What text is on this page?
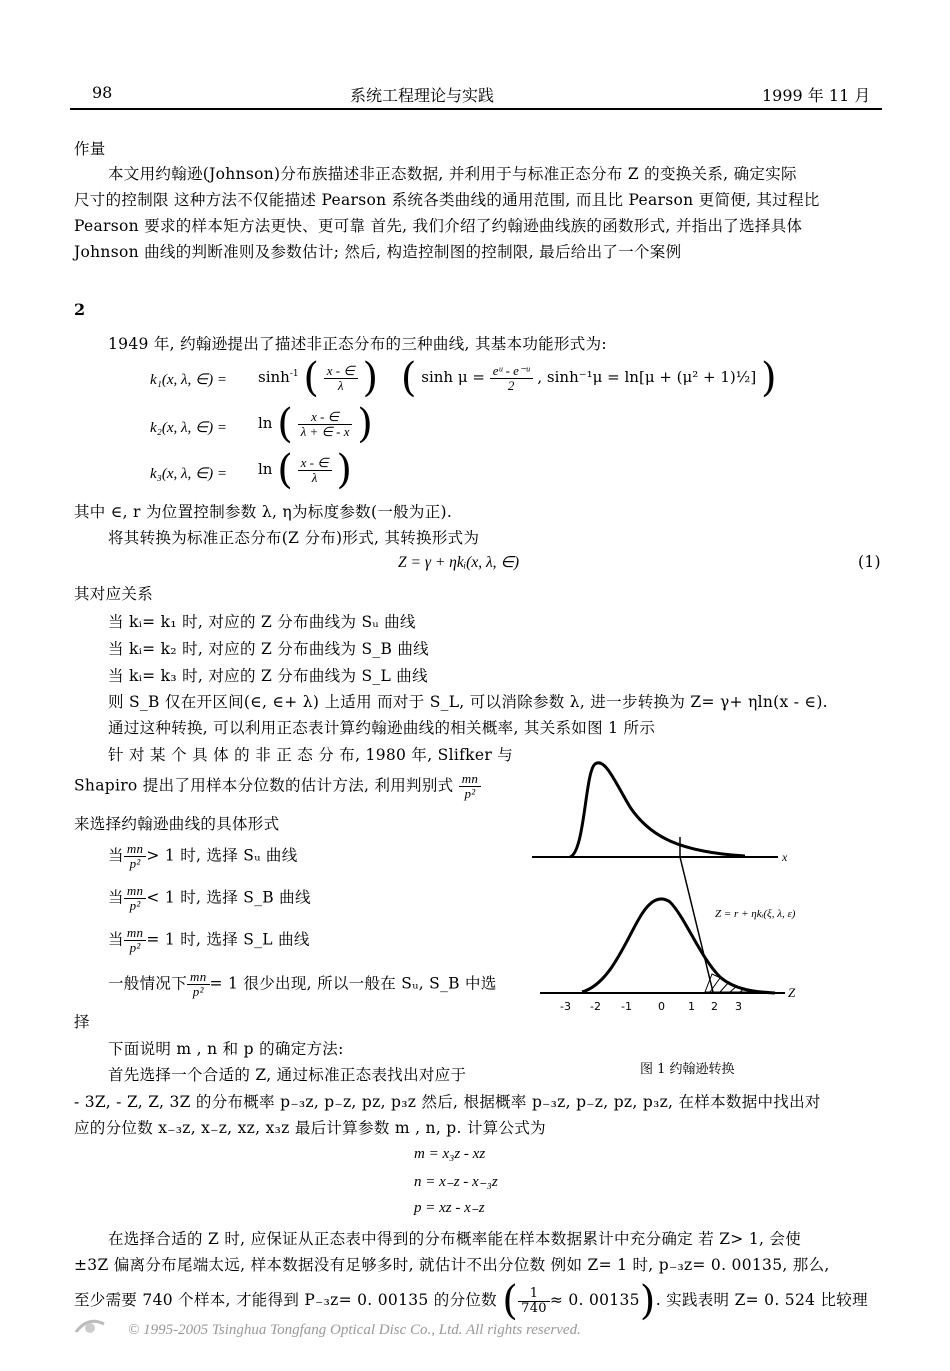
98	系统工程理论与实践	1999 年 11 月
作量
本文用约翰逊(Johnson)分布族描述非正态数据, 并利用于与标准正态分布 Z 的变换关系, 确定实际
尺寸的控制限 这种方法不仅能描述 Pearson 系统各类曲线的通用范围, 而且比 Pearson 更简便, 其过程比
Pearson 要求的样本矩方法更快、更可靠 首先, 我们介绍了约翰逊曲线族的函数形式, 并指出了选择具体
Johnson 曲线的判断准则及参数估计; 然后, 构造控制图的控制限, 最后给出了一个案例
2
1949 年, 约翰逊提出了描述非正态分布的三种曲线, 其基本功能形式为:
k₁(x, λ, ∈) = $\sinh^{-1}$ ( $\frac{x - \in}{\lambda}$ ) ( $\sinh \mu = \frac{\text{eᵘ - e⁻ᵘ}}{2}$ , sinh⁻¹μ = ln[μ + (μ² + 1)½] )
k₂(x, λ, ∈) = ln ( $\frac{x - \in}{\lambda + \in - x}$ )
k₃(x, λ, ∈) = ln ( $\frac{x - \in}{\lambda}$ )
其中 ∈, r 为位置控制参数 λ, η为标度参数(一般为正).
将其转换为标准正态分布(Z 分布)形式, 其转换形式为
Z = γ + ηkᵢ(x, λ, ∈)	(1)
其对应关系
当 kᵢ= k₁ 时, 对应的 Z 分布曲线为 Sᵤ 曲线
当 kᵢ= k₂ 时, 对应的 Z 分布曲线为 S_B 曲线
当 kᵢ= k₃ 时, 对应的 Z 分布曲线为 S_L 曲线
则 S_B 仅在开区间(∈, ∈+ λ) 上适用 而对于 S_L, 可以消除参数 λ, 进一步转换为 Z= γ+ ηln(x - ∈).
通过这种转换, 可以利用正态表计算约翰逊曲线的相关概率, 其关系如图 1 所示
针 对 某 个 具 体 的 非 正 态 分 布, 1980 年, Slifker 与
Shapiro 提出了用样本分位数的估计方法, 利用判别式 $\frac{mn}{\text{p²}}$
来选择约翰逊曲线的具体形式
当 $\frac{mn}{\text{p²}} > 1$ 时, 选择 Sᵤ 曲线
当 $\frac{mn}{\text{p²}} < 1$ 时, 选择 S_B 曲线
当 $\frac{mn}{\text{p²}} = 1$ 时, 选择 S_L 曲线
一般情况下 $\frac{mn}{\text{p²}} = 1$ 很少出现, 所以一般在 Sᵤ, S_B 中选
择
下面说明 m , n 和 p 的确定方法:
首先选择一个合适的 Z, 通过标准正态表找出对应于
- 3Z, - Z, Z, 3Z 的分布概率 p₋₃z, p₋z, pz, p₃z 然后, 根据概率 p₋₃z, p₋z, pz, p₃z, 在样本数据中找出对
应的分位数 x₋₃z, x₋z, xz, x₃z 最后计算参数 m , n, p. 计算公式为
m = x₃z - xz
n = x₋z - x₋₃z
p = xz - x₋z
在选择合适的 Z 时, 应保证从正态表中得到的分布概率能在样本数据累计中充分确定 若 Z> 1, 会使
±3Z 偏离分布尾端太远, 样本数据没有足够多时, 就估计不出分位数 例如 Z= 1 时, p₋₃z= 0. 00135, 那么,
至少需要 740 个样本, 才能得到 P₋₃z= 0. 00135 的分位数 ( $\frac{1}{740} \approx 0$. 00135). 实践表明 Z= 0. 524 比较理
x
Z
Z = r + ηkᵢ(ξ, λ, ε)
-3 -2 -1 0 1 2 3
图 1 约翰逊转换
© 1995-2005 Tsinghua Tongfang Optical Disc Co., Ltd. All rights reserved.
